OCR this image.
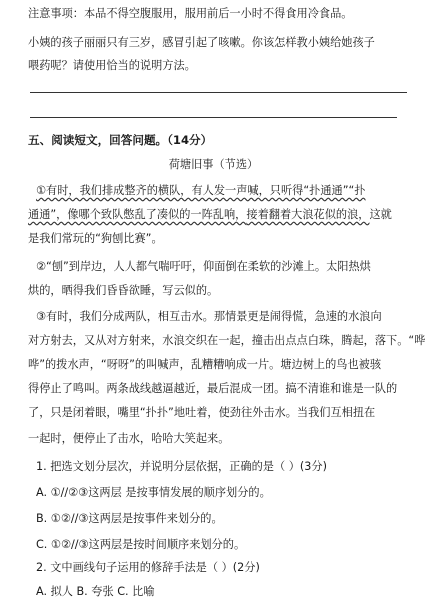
注意事项：本品不得空腹服用，服用前后一小时不得食用冷食品。
小姨的孩子丽丽只有三岁，感冒引起了咳嗽。你该怎样教小姨给她孩子
喂药呢？请使用恰当的说明方法。
五、阅读短文，回答问题。（14分）
荷塘旧事（节选）
①有时，我们排成整齐的横队，有人发一声喊，只听得“扑通通”“扑
通通”，像哪个致队憋乱了凑似的一阵乱响，接着翻着大浪花似的浪，这就
是我们常玩的“狗刨比赛”。
②“刨”到岸边，人人都气喘吁吁，仰面倒在柔软的沙滩上。太阳热烘
烘的，晒得我们昏昏欲睡，写云似的。
③有时，我们分成两队，相互击水。那情景更是闹得慌，急速的水浪向
对方射去，又从对方射来，水浪交织在一起，撞击出点点白珠，腾起，落下。“哗
哗”的拨水声，“呀呀”的叫喊声，乱糟糟响成一片。塘边树上的鸟也被骇
得停止了鸣叫。两条战线越逼越近，最后混成一团。搞不清谁和谁是一队的
了，只是闭着眼，嘴里“扑扑”地吐着，使劲往外击水。当我们互相扭在
一起时，便停止了击水，哈哈大笑起来。
1. 把选文划分层次，并说明分层依据，正确的是（ ）(3分)
A. ①//②③这两层 是按事情发展的顺序划分的。
B. ①②//③这两层是按事件来划分的。
C. ①②//③这两层是按时间顺序来划分的。
2. 文中画线句子运用的修辞手法是（ ）(2分)
A. 拟人 B. 夸张 C. 比喻
